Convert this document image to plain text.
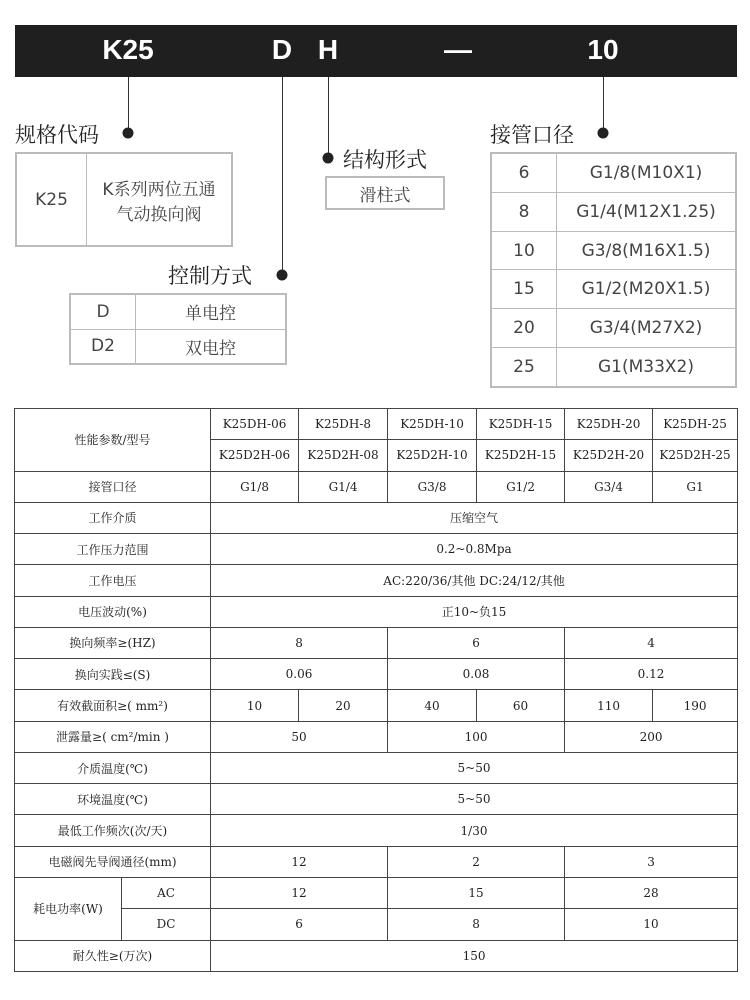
K25	D H	—	10
规格代码
K25	K系列两位五通
气动换向阀
结构形式
滑柱式
控制方式
D	单电控
D2	双电控
接管口径
6	G1/8(M10X1)
8	G1/4(M12X1.25)
10	G3/8(M16X1.5)
15	G1/2(M20X1.5)
20	G3/4(M27X2)
25	G1(M33X2)
性能参数/型号		K25DH-06	K25DH-8	K25DH-10	K25DH-15	K25DH-20	K25DH-25
		K25D2H-06	K25D2H-08	K25D2H-10	K25D2H-15	K25D2H-20	K25D2H-25
接管口径		G1/8	G1/4	G3/8	G1/2	G3/4	G1
工作介质		压缩空气					
工作压力范围		0.2~0.8Mpa					
工作电压		AC:220/36/其他 DC:24/12/其他					
电压波动(%)		正10~负15					
换向频率≥(HZ)		8		6		4	
换向实践≤(S)		0.06		0.08		0.12	
有效截面积≥( mm²)		10	20	40	60	110	190
泄露量≥( cm²/min )		50		100		200	
介质温度(℃)		5~50					
环境温度(℃)		5~50					
最低工作频次(次/天)		1/30					
电磁阀先导阀通径(mm)		12		2		3	
耗电功率(W)	AC	12		15		28	
	DC	6		8		10	
耐久性≥(万次)		150					
